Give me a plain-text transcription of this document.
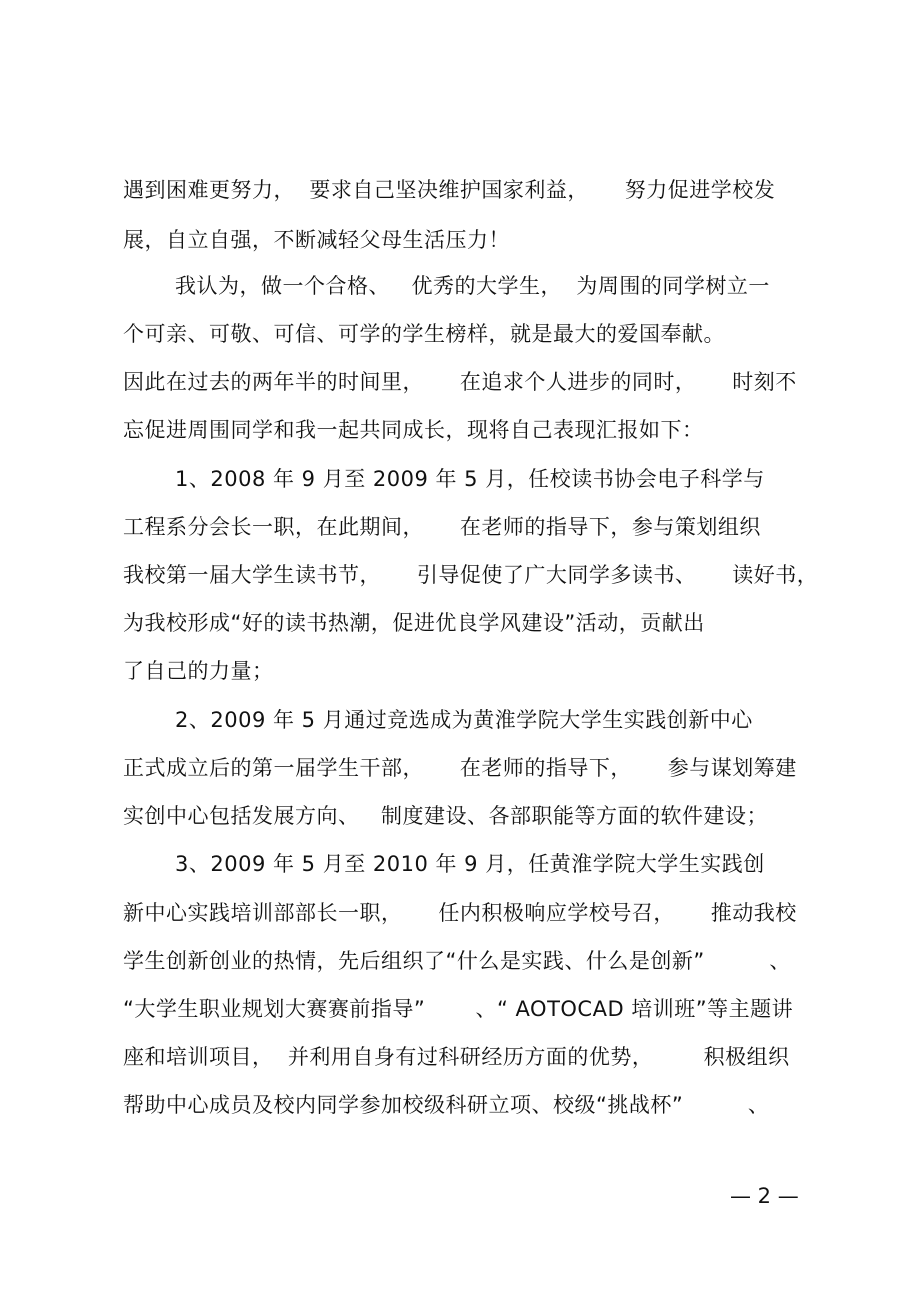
遇到困难更努力，  要求自己坚决维护国家利益，     努力促进学校发
展，自立自强，不断减轻父母生活压力！
我认为，做一个合格、   优秀的大学生，  为周围的同学树立一
个可亲、可敬、可信、可学的学生榜样，就是最大的爱国奉献。
因此在过去的两年半的时间里，     在追求个人进步的同时，     时刻不
忘促进周围同学和我一起共同成长，现将自己表现汇报如下：
1、2008 年 9 月至 2009 年 5 月，任校读书协会电子科学与
工程系分会长一职，在此期间，     在老师的指导下，参与策划组织
我校第一届大学生读书节，     引导促使了广大同学多读书、     读好书，
为我校形成“好的读书热潮，促进优良学风建设”活动，贡献出
了自己的力量；
2、2009 年 5 月通过竞选成为黄淮学院大学生实践创新中心
正式成立后的第一届学生干部，     在老师的指导下，     参与谋划筹建
实创中心包括发展方向、   制度建设、各部职能等方面的软件建设；
3、2009 年 5 月至 2010 年 9 月，任黄淮学院大学生实践创
新中心实践培训部部长一职，     任内积极响应学校号召，     推动我校
学生创新创业的热情，先后组织了“什么是实践、什么是创新”         、
“大学生职业规划大赛赛前指导”       、“ AOTOCAD 培训班”等主题讲
座和培训项目，  并利用自身有过科研经历方面的优势，       积极组织
帮助中心成员及校内同学参加校级科研立项、校级“挑战杯”         、
— 2 —
